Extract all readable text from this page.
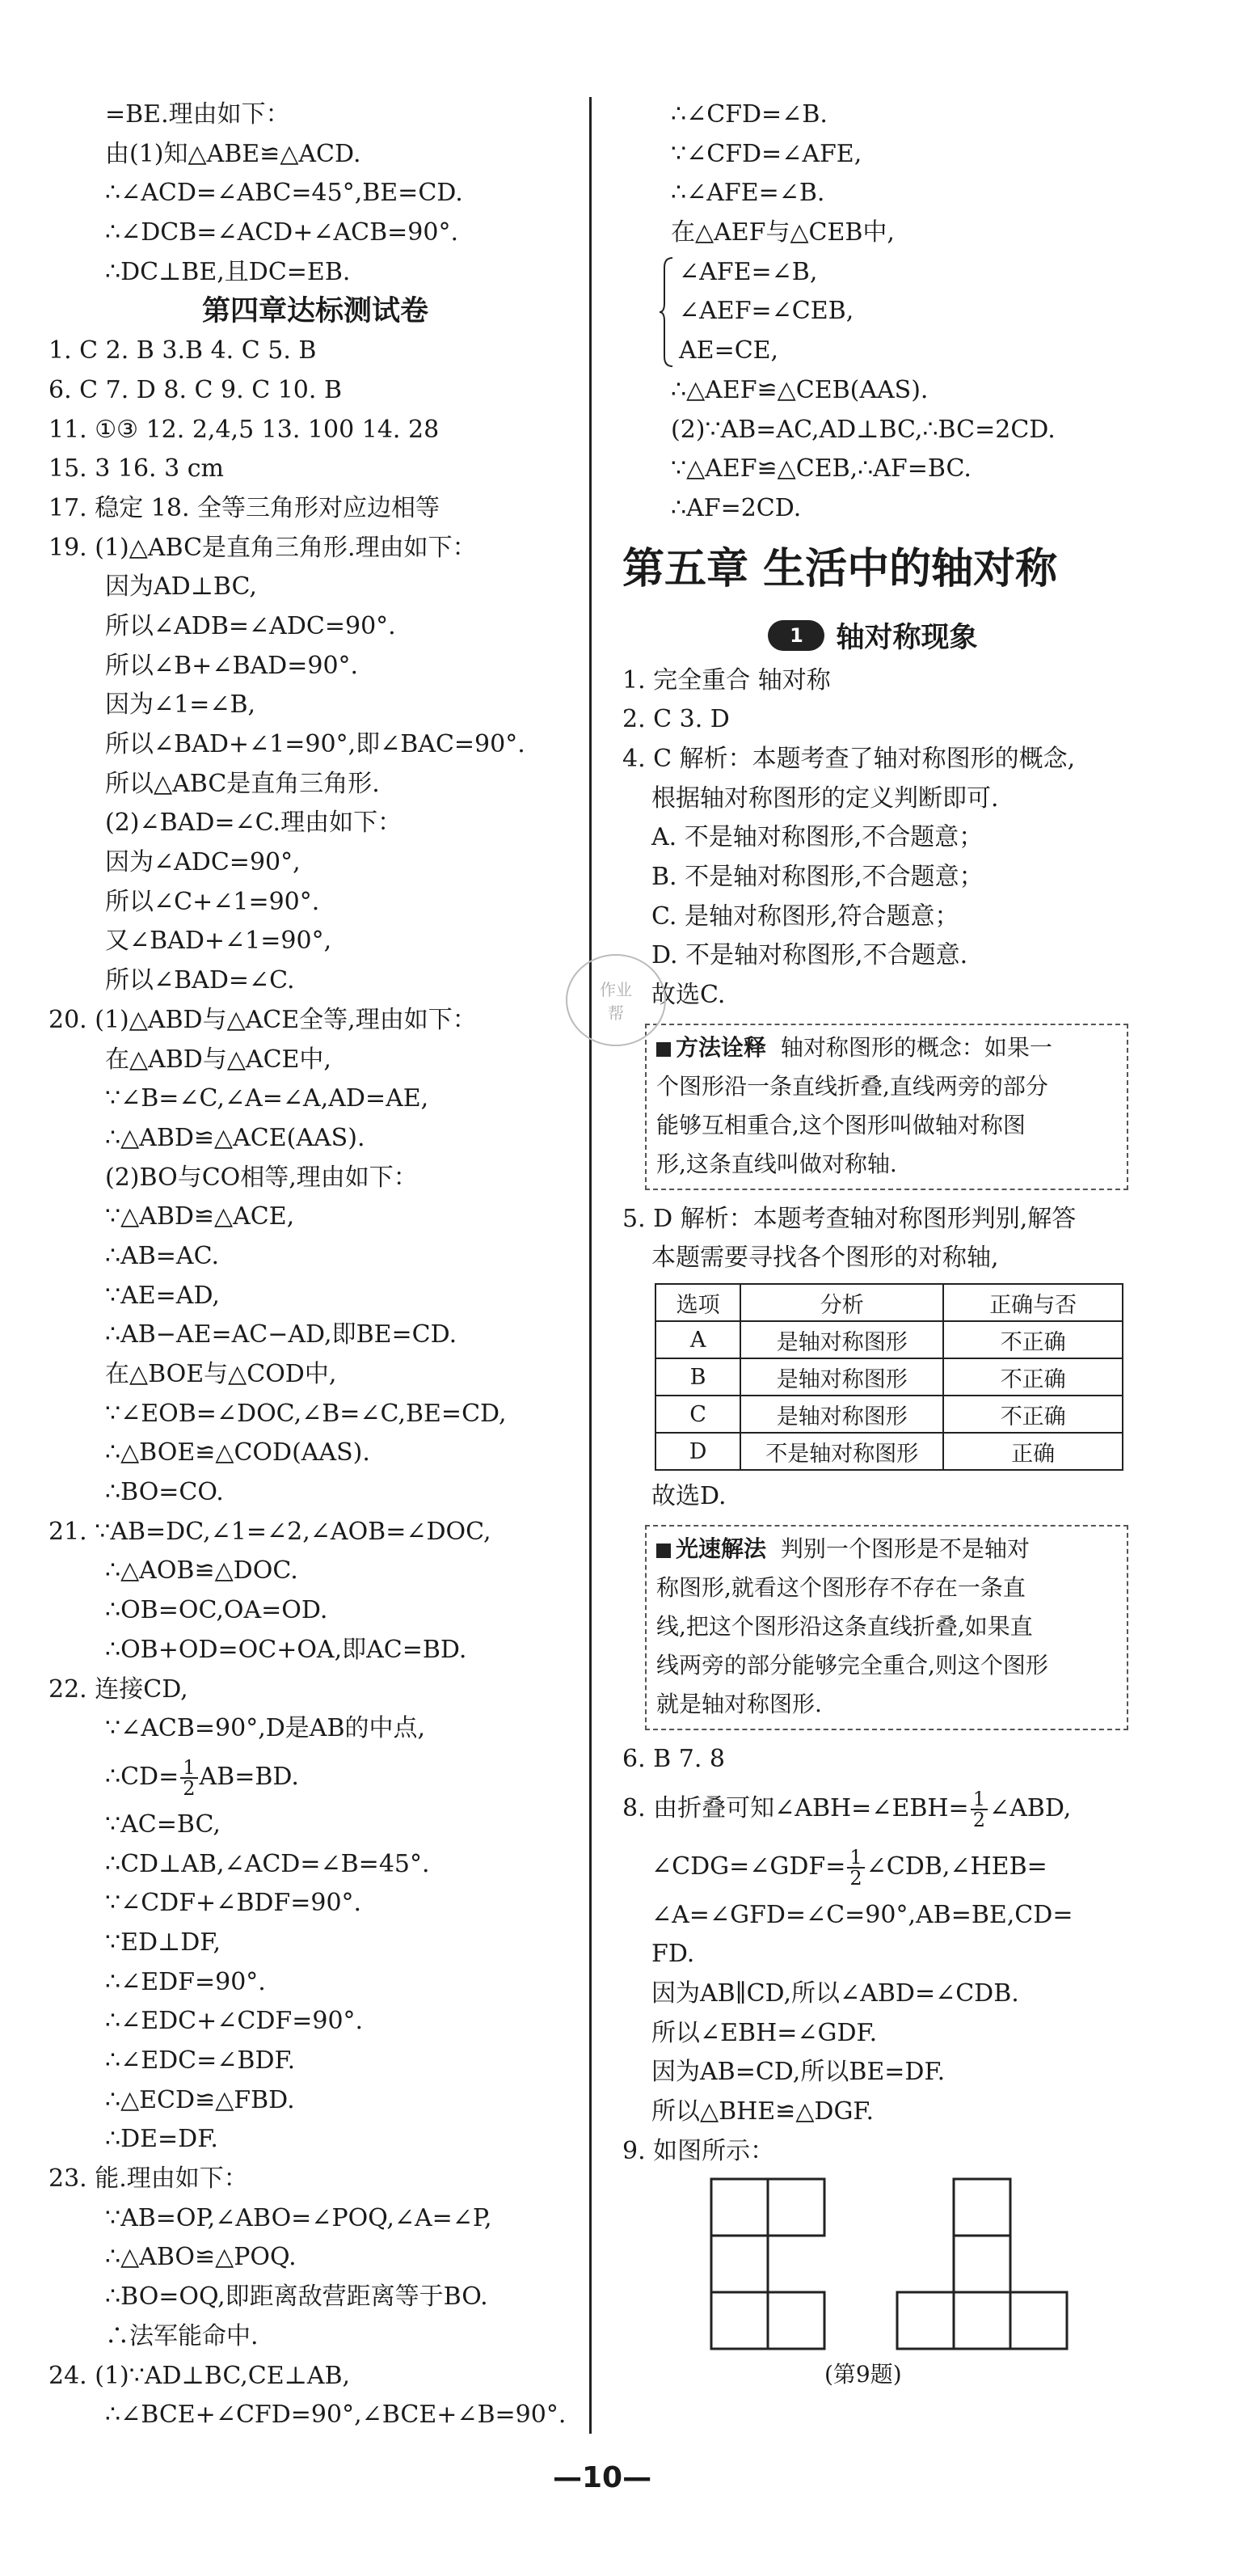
=BE.理由如下：
由(1)知△ABE≌△ACD.
∴∠ACD=∠ABC=45°,BE=CD.
∴∠DCB=∠ACD+∠ACB=90°.
∴DC⊥BE,且DC=EB.
第四章达标测试卷
1. C 2. B 3.B 4. C 5. B
6. C 7. D 8. C 9. C 10. B
11. ①③ 12. 2,4,5 13. 100 14. 28
15. 3 16. 3 cm
17. 稳定 18. 全等三角形对应边相等
19. (1)△ABC是直角三角形.理由如下：
因为AD⊥BC,
所以∠ADB=∠ADC=90°.
所以∠B+∠BAD=90°.
因为∠1=∠B,
所以∠BAD+∠1=90°,即∠BAC=90°.
所以△ABC是直角三角形.
(2)∠BAD=∠C.理由如下：
因为∠ADC=90°,
所以∠C+∠1=90°.
又∠BAD+∠1=90°,
所以∠BAD=∠C.
20. (1)△ABD与△ACE全等,理由如下：
在△ABD与△ACE中,
∵∠B=∠C,∠A=∠A,AD=AE,
∴△ABD≌△ACE(AAS).
(2)BO与CO相等,理由如下：
∵△ABD≌△ACE,
∴AB=AC.
∵AE=AD,
∴AB−AE=AC−AD,即BE=CD.
在△BOE与△COD中,
∵∠EOB=∠DOC,∠B=∠C,BE=CD,
∴△BOE≌△COD(AAS).
∴BO=CO.
21. ∵AB=DC,∠1=∠2,∠AOB=∠DOC,
∴△AOB≌△DOC.
∴OB=OC,OA=OD.
∴OB+OD=OC+OA,即AC=BD.
22. 连接CD,
∵∠ACB=90°,D是AB的中点,
∴CD= $\frac{1}{2} AB=BD$.
∵AC=BC,
∴CD⊥AB,∠ACD=∠B=45°.
∵∠CDF+∠BDF=90°.
∵ED⊥DF,
∴∠EDF=90°.
∴∠EDC+∠CDF=90°.
∴∠EDC=∠BDF.
∴△ECD≌△FBD.
∴DE=DF.
23. 能.理由如下：
∵AB=OP,∠ABO=∠POQ,∠A=∠P,
∴△ABO≌△POQ.
∴BO=OQ,即距离敌营距离等于BO.
∴法军能命中.
24. (1)∵AD⊥BC,CE⊥AB,
∴∠BCE+∠CFD=90°,∠BCE+∠B=90°.
∴∠CFD=∠B.
∵∠CFD=∠AFE,
∴∠AFE=∠B.
在△AEF与△CEB中,
∠AFE=∠B,
∠AEF=∠CEB,
AE=CE,
∴△AEF≌△CEB(AAS).
(2)∵AB=AC,AD⊥BC,∴BC=2CD.
∵△AEF≌△CEB,∴AF=BC.
∴AF=2CD.
第五章 生活中的轴对称
1	轴对称现象
1. 完全重合 轴对称
2. C 3. D
4. C 解析：本题考查了轴对称图形的概念,
根据轴对称图形的定义判断即可.
A. 不是轴对称图形,不合题意；
B. 不是轴对称图形,不合题意；
C. 是轴对称图形,符合题意；
D. 不是轴对称图形,不合题意.
故选C.
方法诠释 轴对称图形的概念：如果一
个图形沿一条直线折叠,直线两旁的部分
能够互相重合,这个图形叫做轴对称图
形,这条直线叫做对称轴.
5. D 解析：本题考查轴对称图形判别,解答
本题需要寻找各个图形的对称轴,
选项	分析	正确与否
A	是轴对称图形	不正确
B	是轴对称图形	不正确
C	是轴对称图形	不正确
D	不是轴对称图形	正确
故选D.
光速解法 判别一个图形是不是轴对
称图形,就看这个图形存不存在一条直
线,把这个图形沿这条直线折叠,如果直
线两旁的部分能够完全重合,则这个图形
就是轴对称图形.
6. B 7. 8
8. 由折叠可知∠ABH=∠EBH= $\frac{1}{2}$ ∠ABD,
∠CDG=∠GDF= $\frac{1}{2}$ ∠CDB,∠HEB=
∠A=∠GFD=∠C=90°,AB=BE,CD=
FD.
因为AB∥CD,所以∠ABD=∠CDB.
所以∠EBH=∠GDF.
因为AB=CD,所以BE=DF.
所以△BHE≌△DGF.
9. 如图所示：
(第9题)
作业
帮
—10—
